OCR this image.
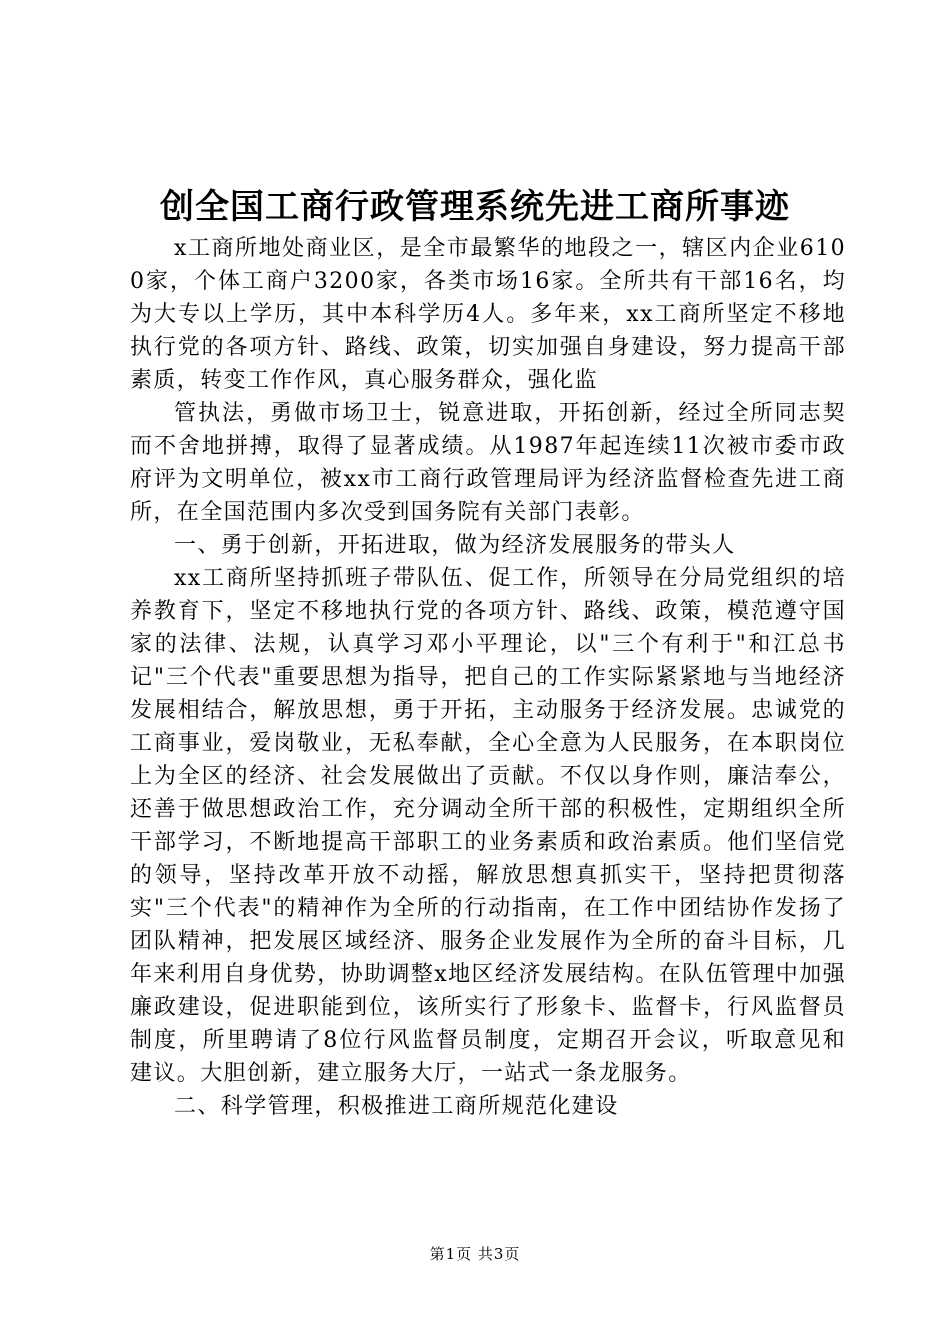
创全国工商行政管理系统先进工商所事迹

x工商所地处商业区，是全市最繁华的地段之一，辖区内企业6100家，个体工商户3200家，各类市场16家。全所共有干部16名，均为大专以上学历，其中本科学历4人。多年来，xx工商所坚定不移地执行党的各项方针、路线、政策，切实加强自身建设，努力提高干部素质，转变工作作风，真心服务群众，强化监

管执法，勇做市场卫士，锐意进取，开拓创新，经过全所同志契而不舍地拼搏，取得了显著成绩。从1987年起连续11次被市委市政府评为文明单位，被xx市工商行政管理局评为经济监督检查先进工商所，在全国范围内多次受到国务院有关部门表彰。

一、勇于创新，开拓进取，做为经济发展服务的带头人

xx工商所坚持抓班子带队伍、促工作，所领导在分局党组织的培养教育下，坚定不移地执行党的各项方针、路线、政策，模范遵守国家的法律、法规，认真学习邓小平理论，以"三个有利于"和江总书记"三个代表"重要思想为指导，把自己的工作实际紧紧地与当地经济发展相结合，解放思想，勇于开拓，主动服务于经济发展。忠诚党的工商事业，爱岗敬业，无私奉献，全心全意为人民服务，在本职岗位上为全区的经济、社会发展做出了贡献。不仅以身作则，廉洁奉公，还善于做思想政治工作，充分调动全所干部的积极性，定期组织全所干部学习，不断地提高干部职工的业务素质和政治素质。他们坚信党的领导，坚持改革开放不动摇，解放思想真抓实干，坚持把贯彻落实"三个代表"的精神作为全所的行动指南，在工作中团结协作发扬了团队精神，把发展区域经济、服务企业发展作为全所的奋斗目标，几年来利用自身优势，协助调整x地区经济发展结构。在队伍管理中加强廉政建设，促进职能到位，该所实行了形象卡、监督卡，行风监督员制度，所里聘请了8位行风监督员制度，定期召开会议，听取意见和建议。大胆创新，建立服务大厅，一站式一条龙服务。

二、科学管理，积极推进工商所规范化建设

第1页 共3页
